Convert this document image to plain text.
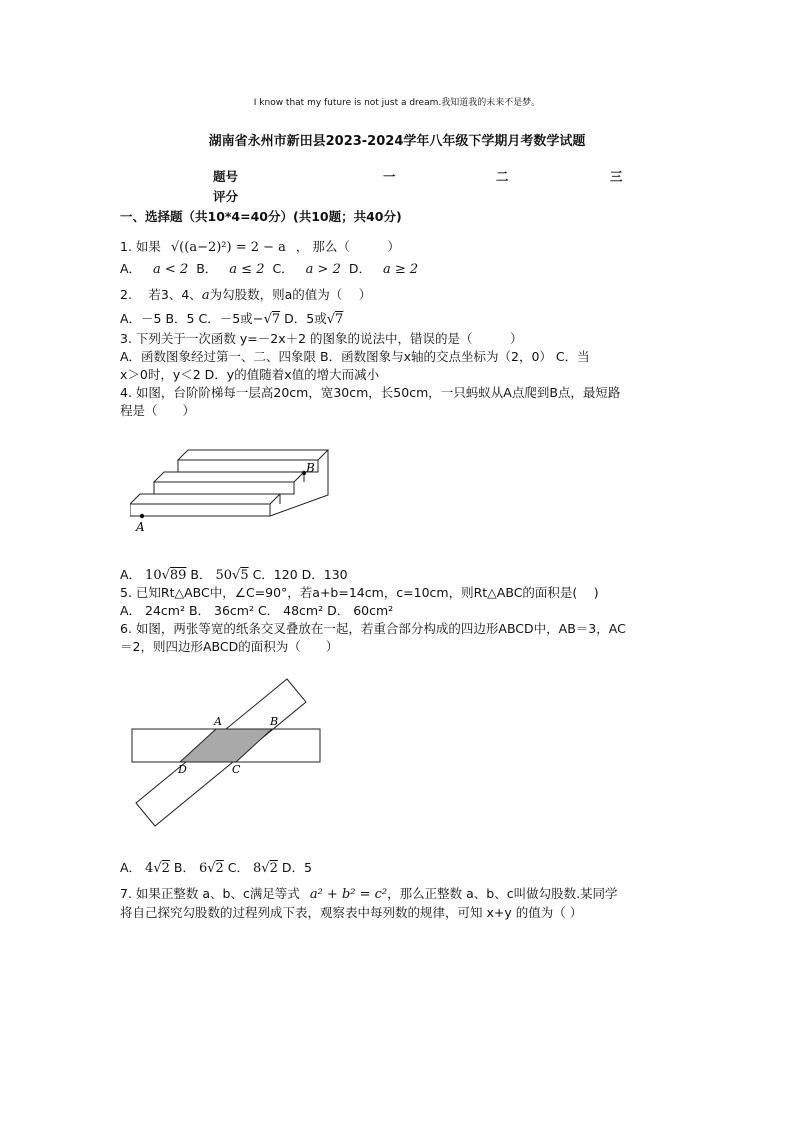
I know that my future is not just a dream.我知道我的未来不是梦。
湖南省永州市新田县2023-2024学年八年级下学期月考数学试题
题号	一	二	三
评分
一、选择题（共10*4=40分）(共10题；共40分)
1. 如果 √((a−2)²) = 2 − a ， 那么（　　　）
A． a < 2 B． a ≤ 2 C． a > 2 D． a ≥ 2
2.　 若3、4、a为勾股数，则a的值为（　 ）
A．－5 B．5 C．－5或−√7 D．5或√7
3. 下列关于一次函数 y=－2x＋2 的图象的说法中，错误的是（　　　）
A．函数图象经过第一、二、四象限 B．函数图象与x轴的交点坐标为（2，0） C．当
x＞0时，y＜2 D．y的值随着x值的增大而减小
4. 如图，台阶阶梯每一层高20cm，宽30cm，长50cm，一只蚂蚁从A点爬到B点，最短路
程是（　　）
A
B
A． 10√89 B． 50√5 C．120 D．130
5. 已知Rt△ABC中，∠C=90°，若a+b=14cm，c=10cm，则Rt△ABC的面积是(　 )
A． 24cm² B． 36cm² C． 48cm² D． 60cm²
6. 如图，两张等宽的纸条交叉叠放在一起，若重合部分构成的四边形ABCD中，AB＝3，AC
＝2，则四边形ABCD的面积为（　　）
A	B
C
D
A． 4√2 B． 6√2 C． 8√2 D．5
7. 如果正整数 a、b、c满足等式 a² + b² = c²，那么正整数 a、b、c叫做勾股数.某同学
将自己探究勾股数的过程列成下表，观察表中每列数的规律，可知 x+y 的值为（ ）
